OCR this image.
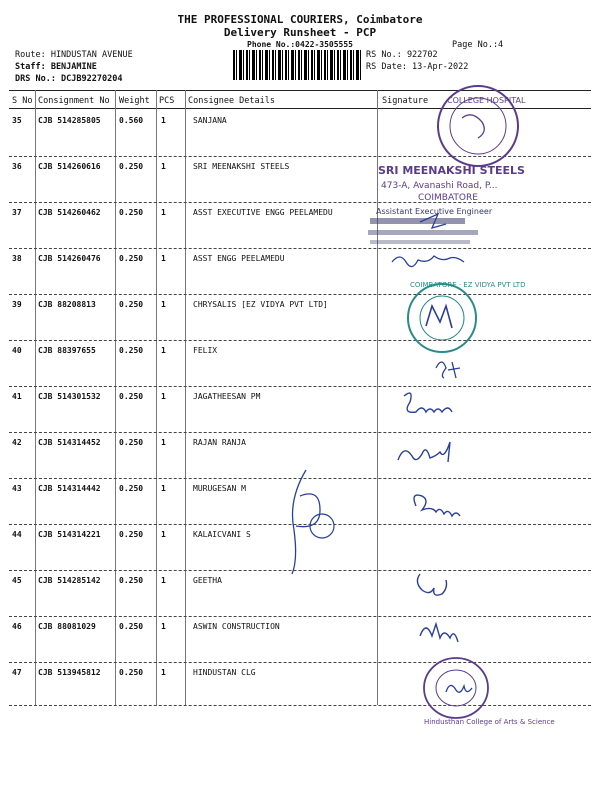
THE PROFESSIONAL COURIERS, Coimbatore
Delivery Runsheet - PCP
Phone No.:0422-3505555	Page No.:4
Route: HINDUSTAN AVENUE
Staff: BENJAMINE
DRS No.: DCJB92270204
RS No.: 922702
RS Date: 13-Apr-2022
S No Consignment No Weight PCS Consignee Details	Signature
35 CJB 514285805 0.560 1	SANJANA
36 CJB 514260616 0.250 1	SRI MEENAKSHI STEELS
37 CJB 514260462 0.250 1	ASST EXECUTIVE ENGG PEELAMEDU
38 CJB 514260476 0.250 1	ASST ENGG PEELAMEDU
39 CJB 88208813	0.250 1	CHRYSALIS [EZ VIDYA PVT LTD]
40 CJB 88397655	0.250 1	FELIX
41 CJB 514301532 0.250 1	JAGATHEESAN PM
42 CJB 514314452 0.250 1	RAJAN RANJA
43 CJB 514314442 0.250 1	MURUGESAN M
44 CJB 514314221 0.250 1	KALAICVANI S
45 CJB 514285142 0.250 1	GEETHA
46 CJB 88081029	0.250 1	ASWIN CONSTRUCTION
47 CJB 513945812 0.250 1	HINDUSTAN CLG
COLLEGE HOSPITAL
SRI MEENAKSHI STEELS
473-A, Avanashi Road, P...
COIMBATORE
Assistant Executive Engineer
COIMBATORE · EZ VIDYA PVT LTD
Hindusthan College of Arts & Science
